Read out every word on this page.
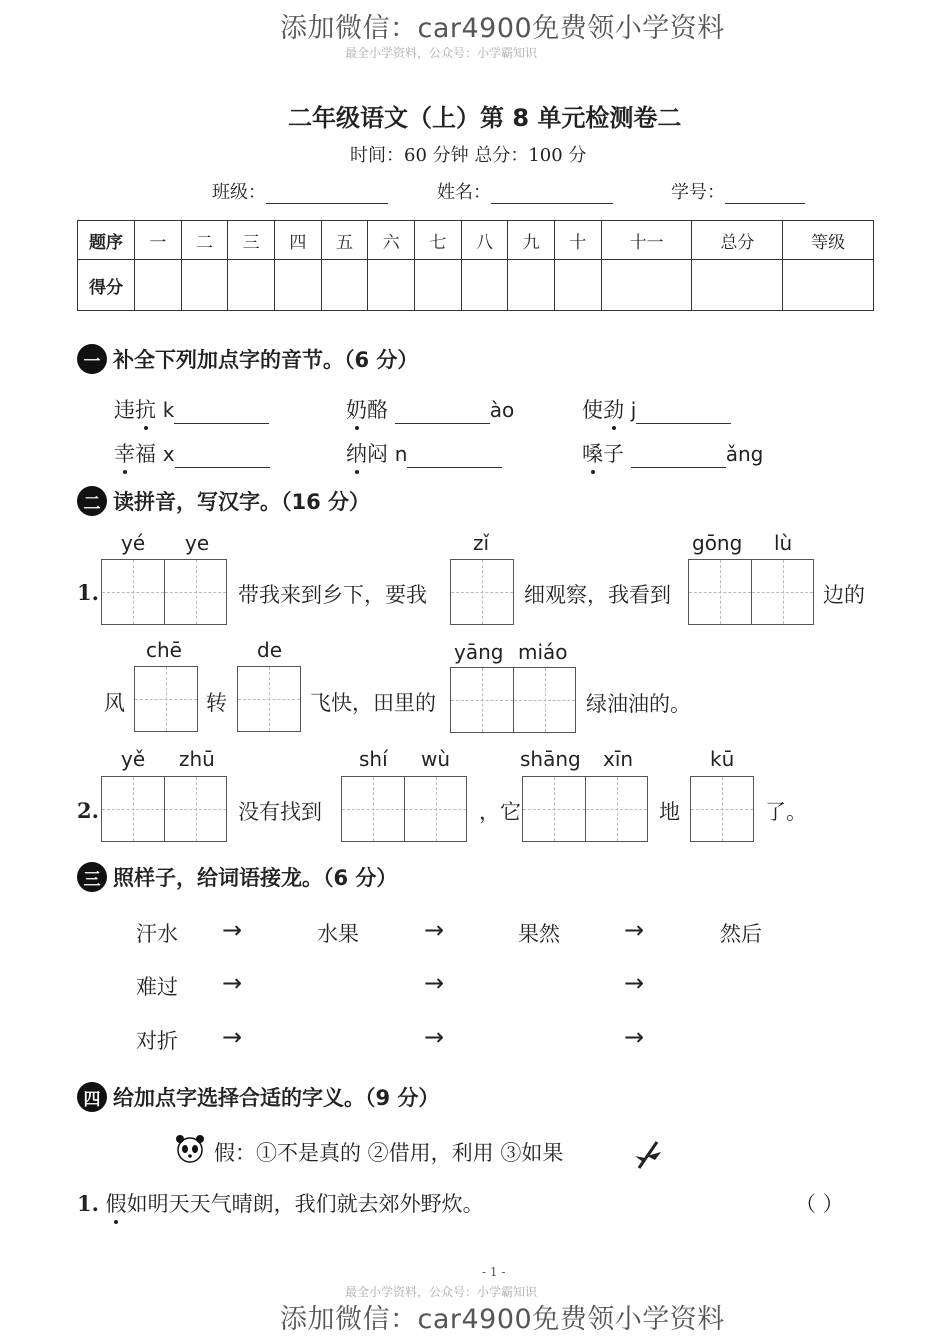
添加微信：car4900免费领小学资料
最全小学资料，公众号：小学霸知识
二年级语文（上）第 8 单元检测卷二
时间：60 分钟 总分：100 分
班级：	姓名：	学号：
题序	一	二	三	四	五	六	七	八	九	十	十一	总分	等级
得分													
一 补全下列加点字的音节。（6 分）
违抗 k	奶酪	ào	使劲 j
幸福 x	纳闷 n	嗓子	ǎng
二 读拼音，写汉字。（16 分）
yé ye
1.	带我来到乡下，要我
zǐ
细观察，我看到
gōng lù
边的
风
chē
转
de
飞快，田里的
yāng miáo
绿油油的。
yě zhū
2.	没有找到
shí wù
，它
shāng xīn
地
kū
了。
三 照样子，给词语接龙。（6 分）
汗水 →	水果	→	果然	→	然后
难过 →	→	→
对折 →	→	→
四 给加点字选择合适的字义。（9 分）
假：①不是真的 ②借用，利用 ③如果
1. 假如明天天气晴朗，我们就去郊外野炊。	（ ）
- 1 -
最全小学资料，公众号：小学霸知识
添加微信：car4900免费领小学资料
